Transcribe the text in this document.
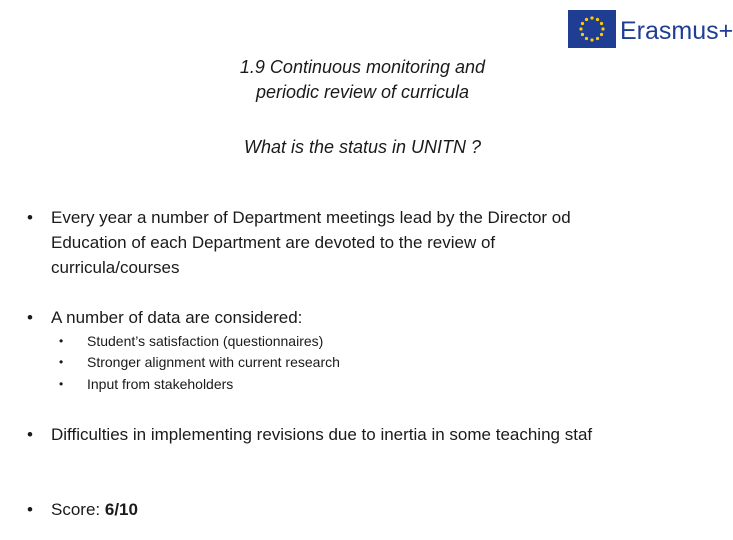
Erasmus+
1.9 Continuous monitoring and
periodic review of curricula
What is the status in UNITN ?
• Every year a number of Department meetings lead by the Director od
Education of each Department are devoted to the review of
curricula/courses
• A number of data are considered:
• Student’s satisfaction (questionnaires)
• Stronger alignment with current research
• Input from stakeholders
• Difficulties in implementing revisions due to inertia in some teaching staf
• Score: 6/10
